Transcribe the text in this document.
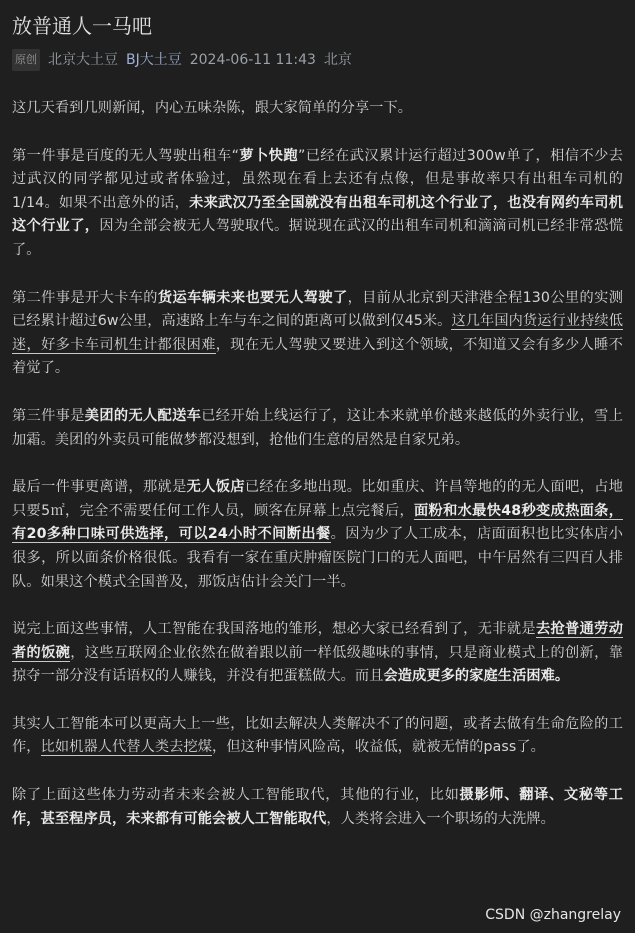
放普通人一马吧
原创 北京大土豆 BJ大土豆 2024-06-11 11:43 北京

这几天看到几则新闻，内心五味杂陈，跟大家简单的分享一下。

第一件事是百度的无人驾驶出租车“萝卜快跑”已经在武汉累计运行超过300w单了，相信不少去过武汉的同学都见过或者体验过，虽然现在看上去还有点像，但是事故率只有出租车司机的1/14。如果不出意外的话，未来武汉乃至全国就没有出租车司机这个行业了，也没有网约车司机这个行业了，因为全部会被无人驾驶取代。据说现在武汉的出租车司机和滴滴司机已经非常恐慌了。

第二件事是开大卡车的货运车辆未来也要无人驾驶了，目前从北京到天津港全程130公里的实测已经累计超过6w公里，高速路上车与车之间的距离可以做到仅45米。这几年国内货运行业持续低迷，好多卡车司机生计都很困难，现在无人驾驶又要进入到这个领域，不知道又会有多少人睡不着觉了。

第三件事是美团的无人配送车已经开始上线运行了，这让本来就单价越来越低的外卖行业，雪上加霜。美团的外卖员可能做梦都没想到，抢他们生意的居然是自家兄弟。

最后一件事更离谱，那就是无人饭店已经在多地出现。比如重庆、许昌等地的的无人面吧，占地只要5㎡，完全不需要任何工作人员，顾客在屏幕上点完餐后，面粉和水最快48秒变成热面条，有20多种口味可供选择，可以24小时不间断出餐。因为少了人工成本，店面面积也比实体店小很多，所以面条价格很低。我看有一家在重庆肿瘤医院门口的无人面吧，中午居然有三四百人排队。如果这个模式全国普及，那饭店估计会关门一半。

说完上面这些事情，人工智能在我国落地的雏形，想必大家已经看到了，无非就是去抢普通劳动者的饭碗，这些互联网企业依然在做着跟以前一样低级趣味的事情，只是商业模式上的创新，靠掠夺一部分没有话语权的人赚钱，并没有把蛋糕做大。而且会造成更多的家庭生活困难。

其实人工智能本可以更高大上一些，比如去解决人类解决不了的问题，或者去做有生命危险的工作，比如机器人代替人类去挖煤，但这种事情风险高，收益低，就被无情的pass了。

除了上面这些体力劳动者未来会被人工智能取代，其他的行业，比如摄影师、翻译、文秘等工作，甚至程序员，未来都有可能会被人工智能取代，人类将会进入一个职场的大洗牌。

CSDN @zhangrelay
